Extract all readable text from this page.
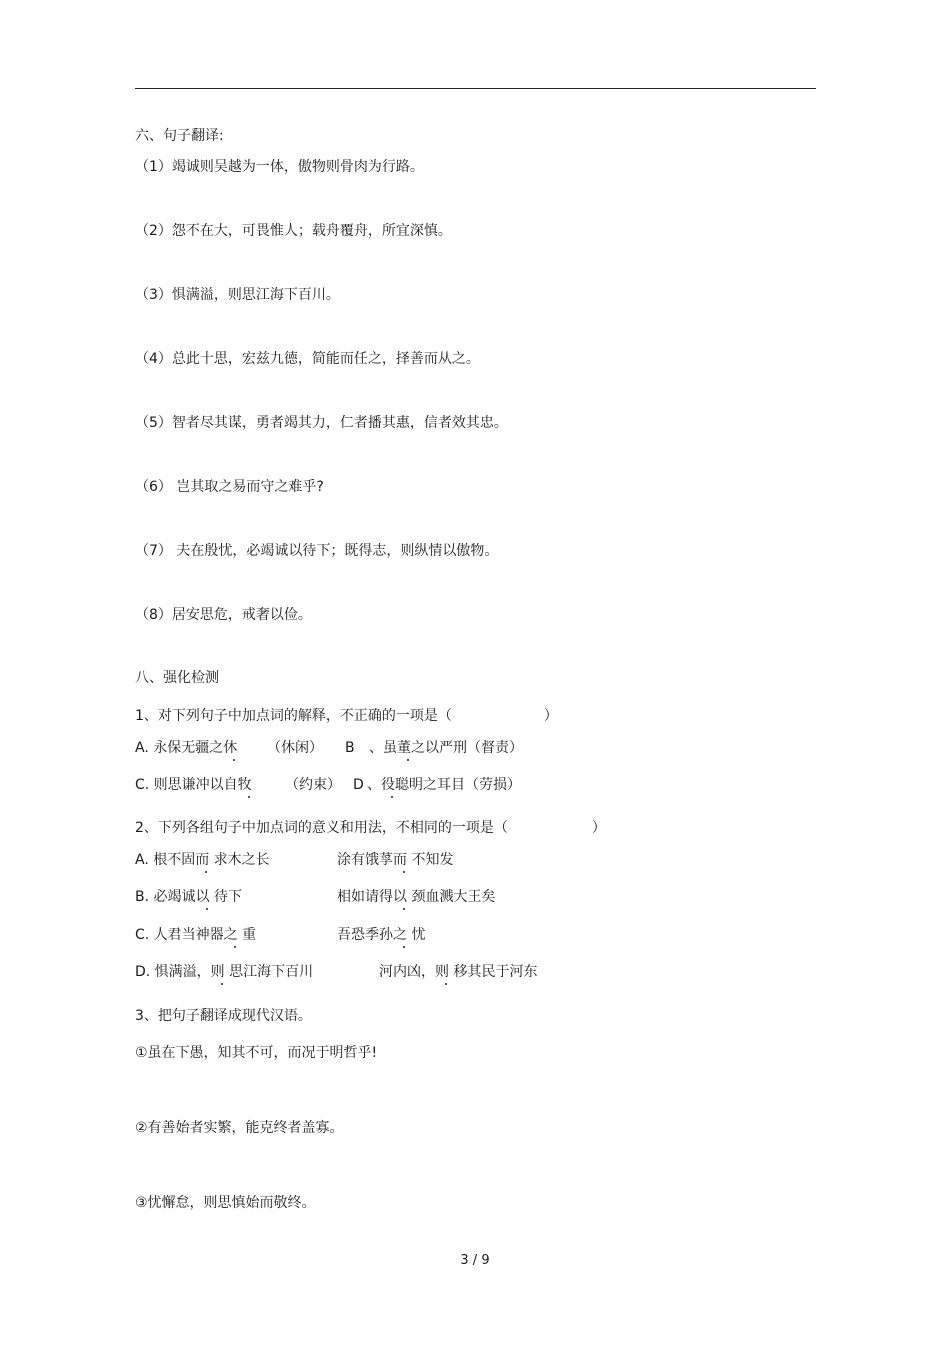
六、句子翻译:
（1）竭诚则吴越为一体，傲物则骨肉为行路。
（2）怨不在大，可畏惟人；载舟覆舟，所宜深慎。
（3）惧满溢，则思江海下百川。
（4）总此十思，宏兹九德，简能而任之，择善而从之。
（5）智者尽其谋，勇者竭其力，仁者播其惠，信者效其忠。
（6） 岂其取之易而守之难乎?
（7） 夫在殷忧，必竭诚以待下；既得志，则纵情以傲物。
（8）居安思危，戒奢以俭。
八、强化检测
1、对下列句子中加点词的解释，不正确的一项是（	）
A. 永保无疆之休 （休闲） B 、虽董之以严刑（督责）
C. 则思谦冲以自牧 （约束） D 、役聪明之耳目（劳损）
2、下列各组句子中加点词的意义和用法，不相同的一项是（	）
A. 根不固而 求木之长	涂有饿莩而 不知发
B. 必竭诚以 待下	相如请得以 颈血溅大王矣
C. 人君当神器之 重	吾恐季孙之 忧
D. 惧满溢，则 思江海下百川	河内凶，则 移其民于河东
3、把句子翻译成现代汉语。
①虽在下愚，知其不可，而况于明哲乎!
②有善始者实繁，能克终者盖寡。
③忧懈怠，则思慎始而敬终。
3 / 9
